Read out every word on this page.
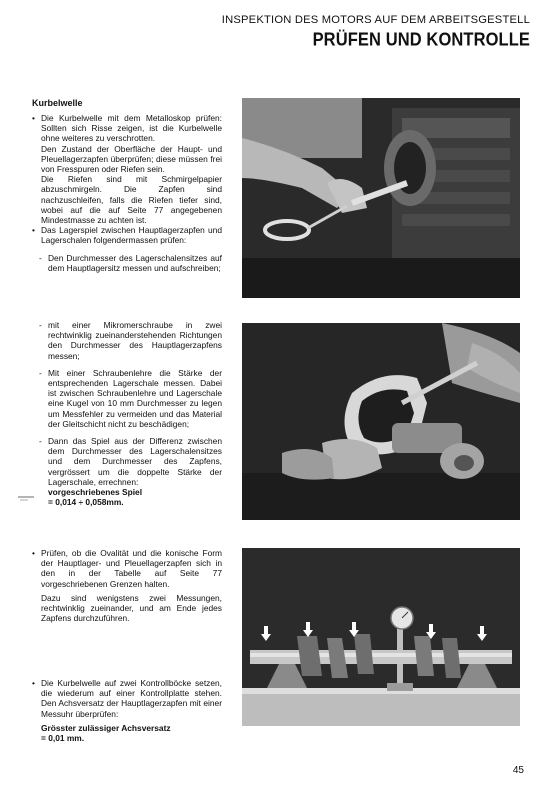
INSPEKTION DES MOTORS AUF DEM ARBEITSGESTELL
PRÜFEN UND KONTROLLE
Kurbelwelle
• Die Kurbelwelle mit dem Metalloskop prüfen: Sollten sich Risse zeigen, ist die Kurbelwelle ohne weiteres zu verschrotten.
Den Zustand der Oberfläche der Haupt- und Pleuellagerzapfen überprüfen; diese müssen frei von Fresspuren oder Riefen sein.
Die Riefen sind mit Schmirgelpapier abzuschmirgeln. Die Zapfen sind nachzuschleifen, falls die Riefen tiefer sind, wobei auf die auf Seite 77 angegebenen Mindestmasse zu achten ist.
• Das Lagerspiel zwischen Hauptlagerzapfen und Lagerschalen folgendermassen prüfen:
- Den Durchmesser des Lagerschalensitzes auf dem Hauptlagersitz messen und aufschreiben;
- mit einer Mikromerschraube in zwei rechtwinklig zueinanderstehenden Richtungen den Durchmesser des Hauptlagerzapfens messen;
- Mit einer Schraubenlehre die Stärke der entsprechenden Lagerschale messen. Dabei ist zwischen Schraubenlehre und Lagerschale eine Kugel von 10 mm Durchmesser zu legen um Messfehler zu vermeiden und das Material der Gleitschicht nicht zu beschädigen;
- Dann das Spiel aus der Differenz zwischen dem Durchmesser des Lagerschalensitzes und dem Durchmesser des Zapfens, vergrössert um die doppelte Stärke der Lagerschale, errechnen:
vorgeschriebenes Spiel
= 0,014 ÷ 0,058mm.
• Prüfen, ob die Ovalität und die konische Form der Hauptlager- und Pleuellagerzapfen sich in den in der Tabelle auf Seite 77 vorgeschriebenen Grenzen halten.
Dazu sind wenigstens zwei Messungen, rechtwinklig zueinander, und am Ende jedes Zapfens durchzuführen.
• Die Kurbelwelle auf zwei Kontrollböcke setzen, die wiederum auf einer Kontrollplatte stehen. Den Achsversatz der Hauptlagerzapfen mit einer Messuhr überprüfen:
Grösster zulässiger Achsversatz
= 0,01 mm.
45
